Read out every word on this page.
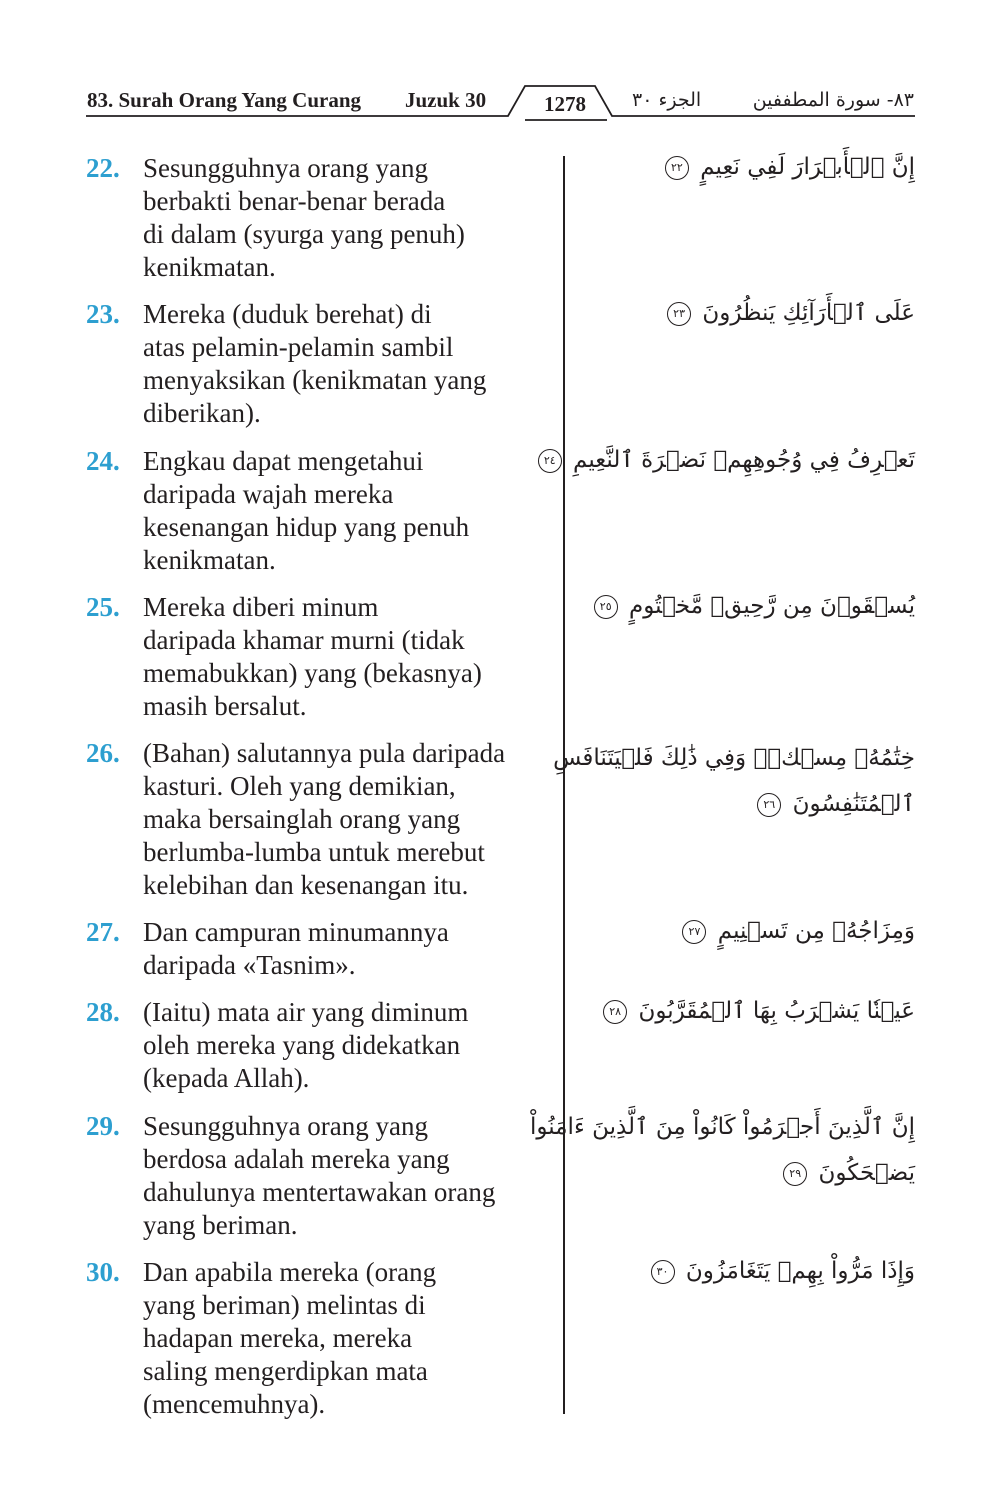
83. Surah Orang Yang Curang Juzuk 30	1278	الجزء ٣٠	٨٣- سورة المطففين
22. Sesungguhnya orang yang
berbakti benar-benar berada
di dalam (syurga yang penuh)
kenikmatan.
إِنَّ ٱلۡأَبۡرَارَ لَفِي نَعِيمٍ ٢٢
23. Mereka (duduk berehat) di
atas pelamin-pelamin sambil
menyaksikan (kenikmatan yang
diberikan).
عَلَى ٱلۡأَرَآئِكِ يَنظُرُونَ ٢٣
24. Engkau dapat mengetahui
daripada wajah mereka
kesenangan hidup yang penuh
kenikmatan.
تَعۡرِفُ فِي وُجُوهِهِمۡ نَضۡرَةَ ٱلنَّعِيمِ ٢٤
25. Mereka diberi minum
daripada khamar murni (tidak
memabukkan) yang (bekasnya)
masih bersalut.
يُسۡقَوۡنَ مِن رَّحِيقٖ مَّخۡتُومٍ ٢٥
26. (Bahan) salutannya pula daripada
kasturi. Oleh yang demikian,
maka bersainglah orang yang
berlumba-lumba untuk merebut
kelebihan dan kesenangan itu.
خِتَٰمُهُۥ مِسۡكٞۚ وَفِي ذَٰلِكَ فَلۡيَتَنَافَسِ
ٱلۡمُتَنَٰفِسُونَ ٢٦
27. Dan campuran minumannya
daripada «Tasnim».
وَمِزَاجُهُۥ مِن تَسۡنِيمٍ ٢٧
28. (Iaitu) mata air yang diminum
oleh mereka yang didekatkan
(kepada Allah).
عَيۡنٗا يَشۡرَبُ بِهَا ٱلۡمُقَرَّبُونَ ٢٨
29. Sesungguhnya orang yang
berdosa adalah mereka yang
dahulunya mentertawakan orang
yang beriman.
إِنَّ ٱلَّذِينَ أَجۡرَمُواْ كَانُواْ مِنَ ٱلَّذِينَ ءَامَنُواْ
يَضۡحَكُونَ ٢٩
30. Dan apabila mereka (orang
yang beriman) melintas di
hadapan mereka, mereka
saling mengerdipkan mata
(mencemuhnya).
وَإِذَا مَرُّواْ بِهِمۡ يَتَغَامَزُونَ ٣٠
